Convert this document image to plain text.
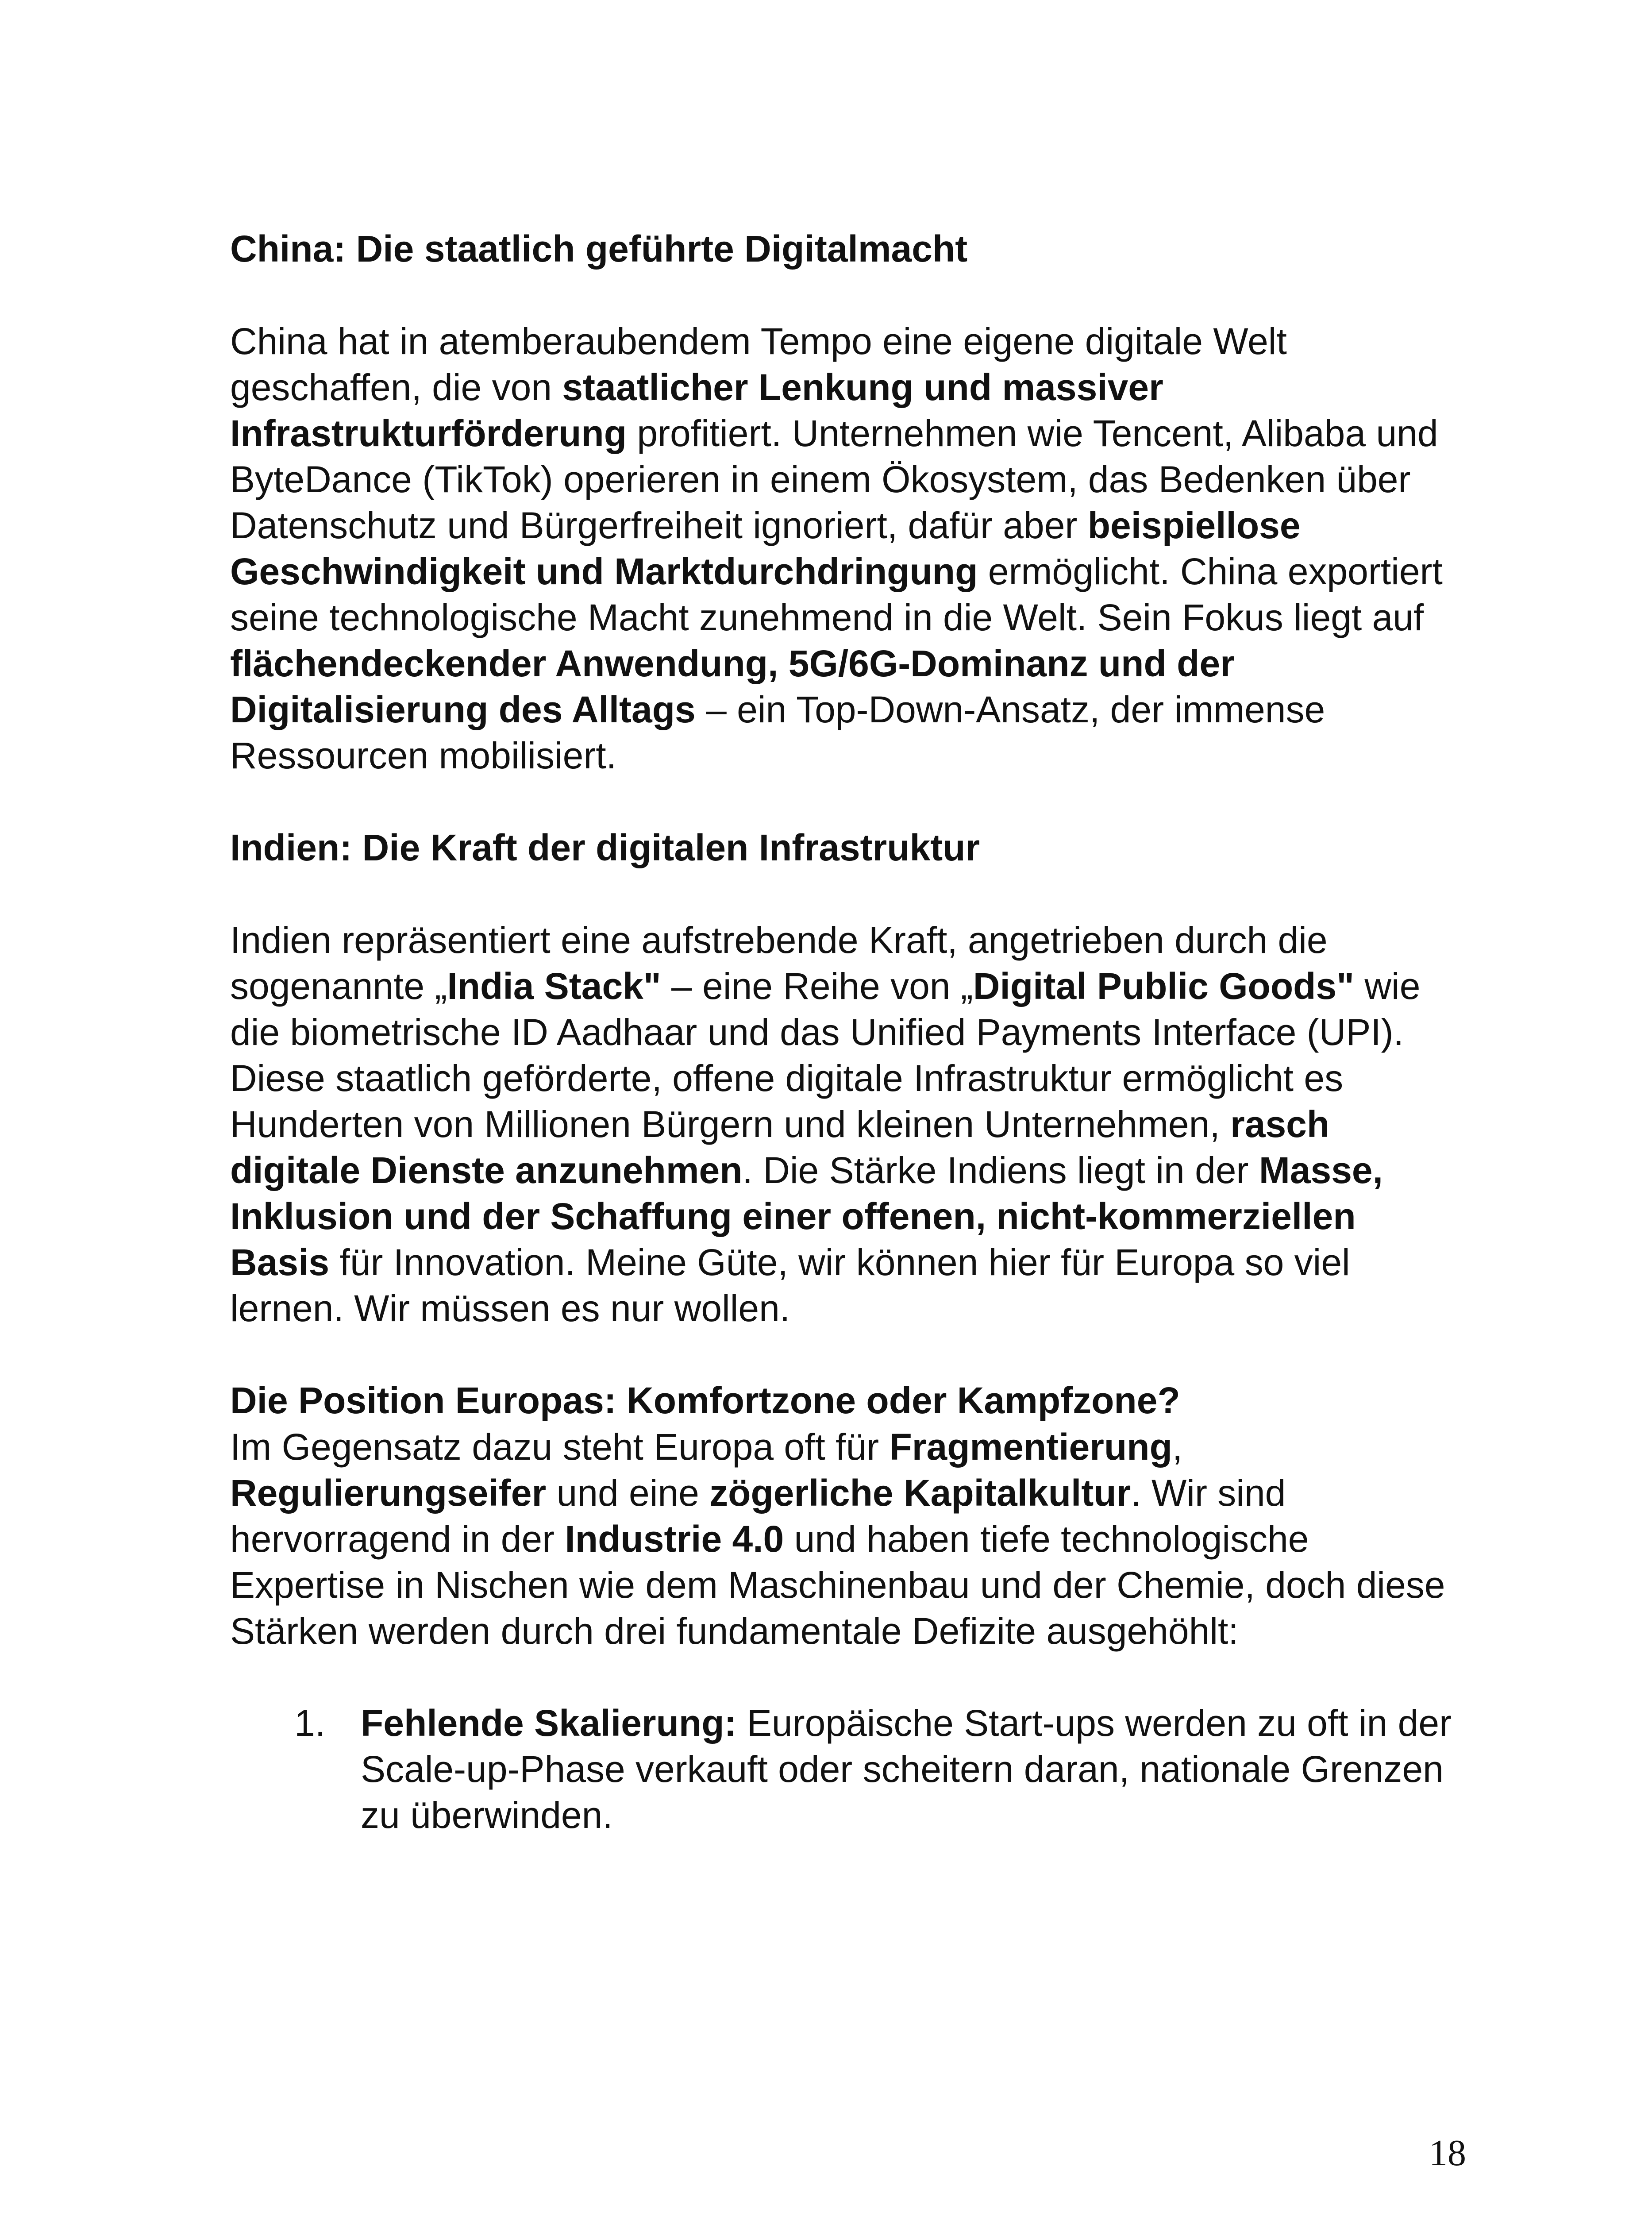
China: Die staatlich geführte Digitalmacht

China hat in atemberaubendem Tempo eine eigene digitale Welt geschaffen, die von staatlicher Lenkung und massiver Infrastrukturförderung profitiert. Unternehmen wie Tencent, Alibaba und ByteDance (TikTok) operieren in einem Ökosystem, das Bedenken über Datenschutz und Bürgerfreiheit ignoriert, dafür aber beispiellose Geschwindigkeit und Marktdurchdringung ermöglicht. China exportiert seine technologische Macht zunehmend in die Welt. Sein Fokus liegt auf flächendeckender Anwendung, 5G/6G-Dominanz und der Digitalisierung des Alltags – ein Top-Down-Ansatz, der immense Ressourcen mobilisiert.

Indien: Die Kraft der digitalen Infrastruktur

Indien repräsentiert eine aufstrebende Kraft, angetrieben durch die sogenannte „India Stack" – eine Reihe von „Digital Public Goods" wie die biometrische ID Aadhaar und das Unified Payments Interface (UPI). Diese staatlich geförderte, offene digitale Infrastruktur ermöglicht es Hunderten von Millionen Bürgern und kleinen Unternehmen, rasch digitale Dienste anzunehmen. Die Stärke Indiens liegt in der Masse, Inklusion und der Schaffung einer offenen, nicht-kommerziellen Basis für Innovation. Meine Güte, wir können hier für Europa so viel lernen. Wir müssen es nur wollen.

Die Position Europas: Komfortzone oder Kampfzone?

Im Gegensatz dazu steht Europa oft für Fragmentierung, Regulierungseifer und eine zögerliche Kapitalkultur. Wir sind hervorragend in der Industrie 4.0 und haben tiefe technologische Expertise in Nischen wie dem Maschinenbau und der Chemie, doch diese Stärken werden durch drei fundamentale Defizite ausgehöhlt:

1. Fehlende Skalierung: Europäische Start-ups werden zu oft in der Scale-up-Phase verkauft oder scheitern daran, nationale Grenzen zu überwinden.
18
